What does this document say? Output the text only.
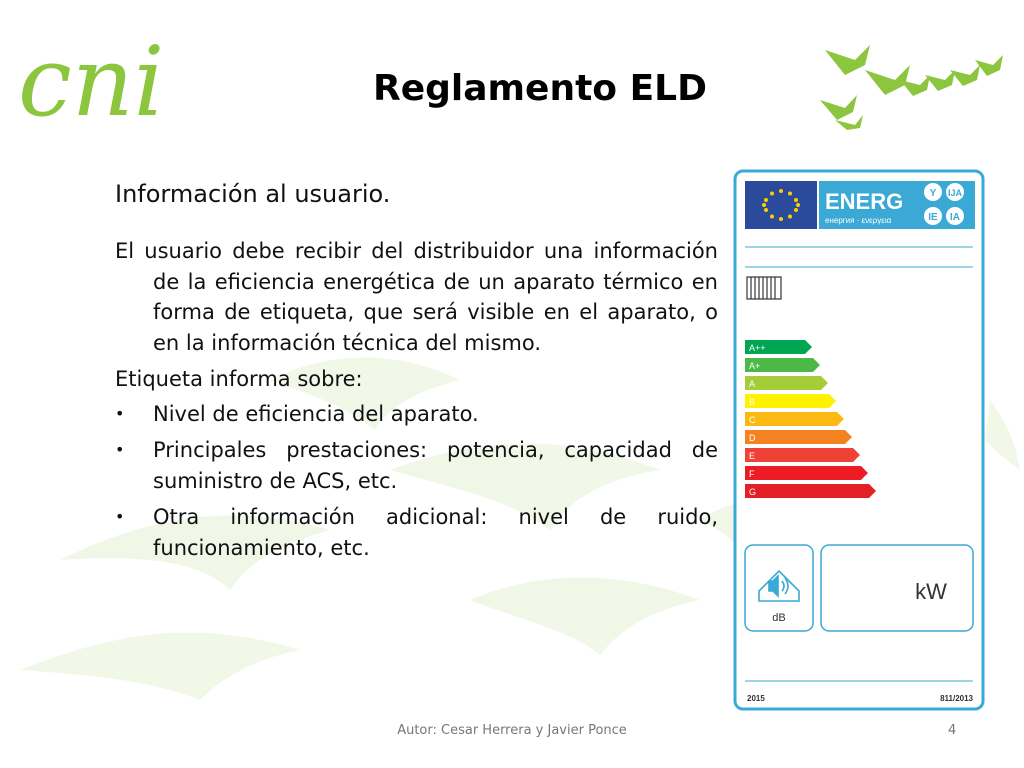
cni	Reglamento ELD
Información al usuario.
El usuario debe recibir del distribuidor una información de la eficiencia energética de un aparato térmico en forma de etiqueta, que será visible en el aparato, o en la información técnica del mismo.
Etiqueta informa sobre:
• Nivel de eficiencia del aparato.
• Principales prestaciones: potencia, capacidad de suministro de ACS, etc.
• Otra información adicional: nivel de ruido, funcionamiento, etc.
ENERG
енергия · ενεργεια
Y IJA
IE IA
A++
A+
A
B
C
D
E
F
G
dB
kW
2015	811/2013
Autor: Cesar Herrera y Javier Ponce	4
